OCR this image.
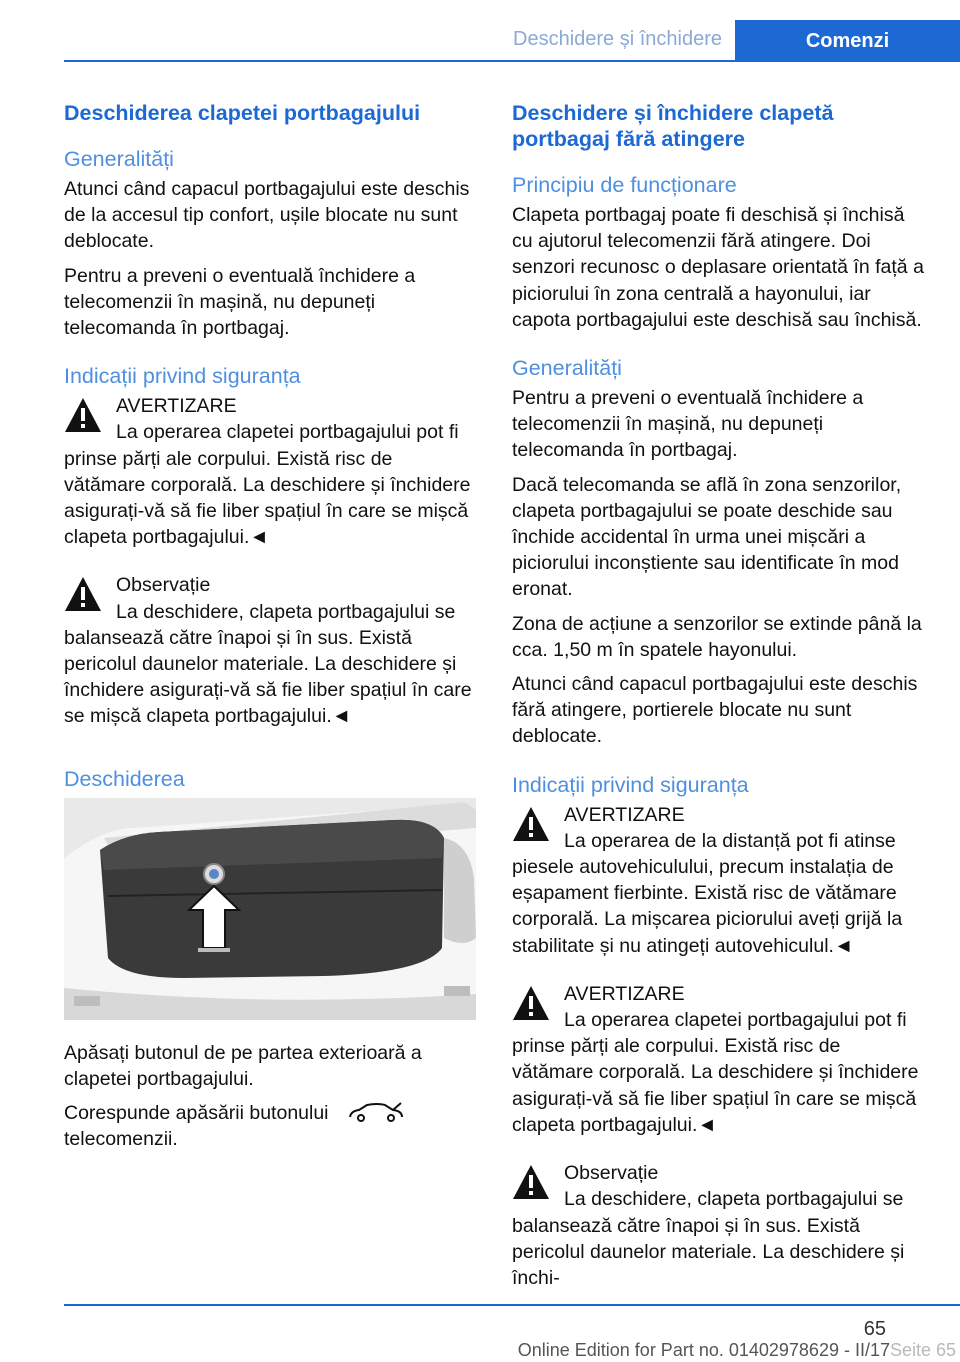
Deschidere și închidere	Comenzi
Deschiderea clapetei portbagajului
Generalități

Atunci când capacul portbagajului este deschis de la accesul tip confort, ușile blocate nu sunt deblocate.

Pentru a preveni o eventuală închidere a telecomenzii în mașină, nu depuneți telecomanda în portbagaj.

Indicații privind siguranța
AVERTIZARE
La operarea clapetei portbagajului pot fi
prinse părți ale corpului. Există risc de vătămare corporală. La deschidere și închidere asigurați-vă să fie liber spațiul în care se mișcă clapeta portbagajului.◄
Observație
La deschidere, clapeta portbagajului se
balansează către înapoi și în sus. Există pericolul daunelor materiale. La deschidere și închidere asigurați-vă să fie liber spațiul în care se mișcă clapeta portbagajului.◄
Deschiderea

Apăsați butonul de pe partea exterioară a clapetei portbagajului.

Corespunde apăsării butonuluitelecomenzii.

Deschidere și închidere clapetă portbagaj fără atingere
Principiu de funcționare

Clapeta portbagaj poate fi deschisă și închisă cu ajutorul telecomenzii fără atingere. Doi senzori recunosc o deplasare orientată în față a piciorului în zona centrală a hayonului, iar capota portbagajului este deschisă sau închisă.

Generalități

Pentru a preveni o eventuală închidere a telecomenzii în mașină, nu depuneți telecomanda în portbagaj.

Dacă telecomanda se află în zona senzorilor, clapeta portbagajului se poate deschide sau închide accidental în urma unei mișcări a piciorului inconștiente sau identificate în mod eronat.

Zona de acțiune a senzorilor se extinde până la cca. 1,50 m în spatele hayonului.

Atunci când capacul portbagajului este deschis fără atingere, portierele blocate nu sunt deblocate.

Indicații privind siguranța
AVERTIZARE
La operarea de la distanță pot fi atinse
piesele autovehiculului, precum instalația de eșapament fierbinte. Există risc de vătămare corporală. La mișcarea piciorului aveți grijă la stabilitate și nu atingeți autovehiculul.◄
AVERTIZARE
La operarea clapetei portbagajului pot fi
prinse părți ale corpului. Există risc de vătămare corporală. La deschidere și închidere asigurați-vă să fie liber spațiul în care se mișcă clapeta portbagajului.◄
Observație
La deschidere, clapeta portbagajului se
balansează către înapoi și în sus. Există pericolul daunelor materiale. La deschidere și închi-
65
Online Edition for Part no. 01402978629 - II/17 Seite 65
